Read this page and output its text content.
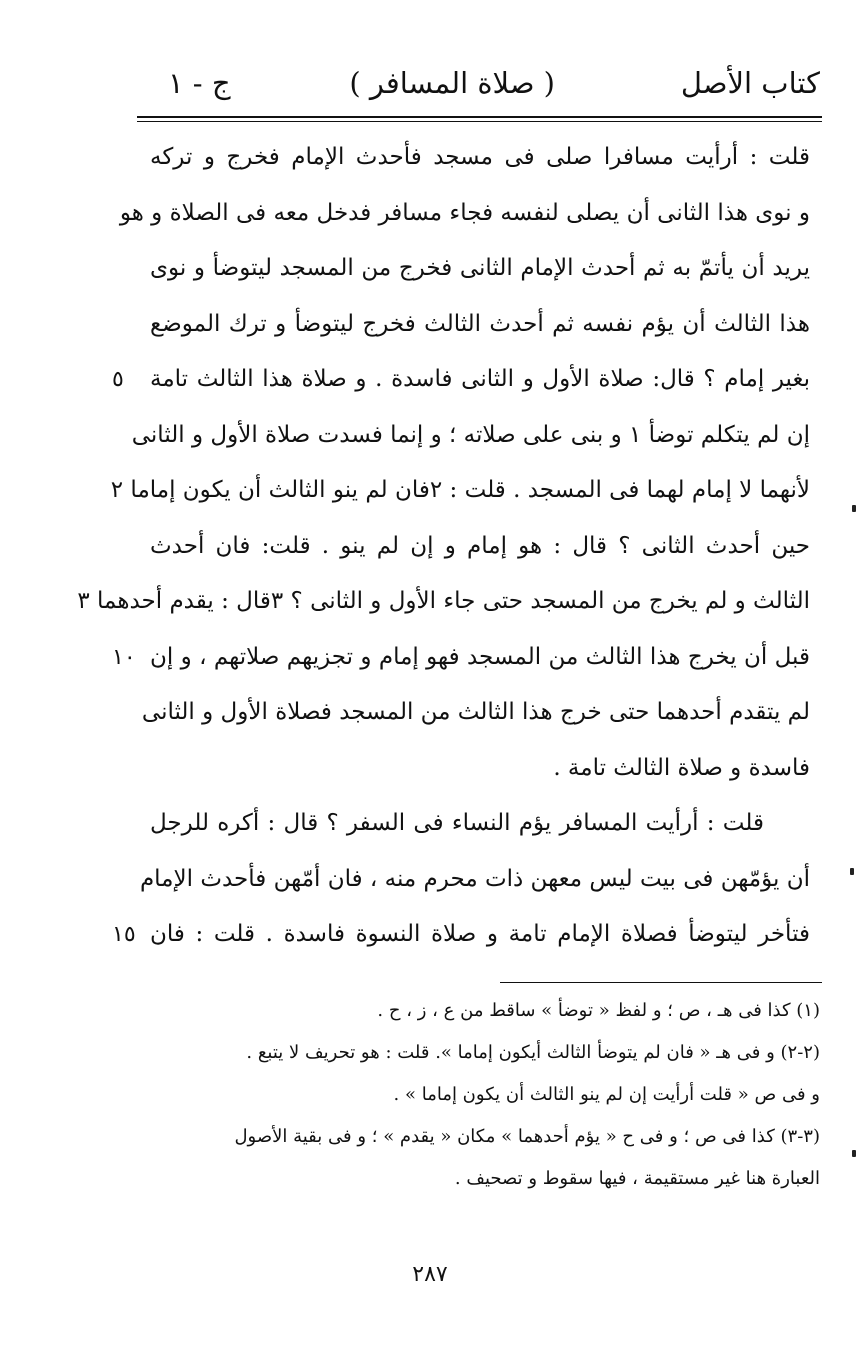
كتاب الأصل
( صلاة المسافر )
ج - ١
قلت : أرأيت مسافرا صلى فى مسجد فأحدث الإمام فخرج و تركه
و نوى هذا الثانى أن يصلى لنفسه فجاء مسافر فدخل معه فى الصلاة و هو
يريد أن يأتمّ به ثم أحدث الإمام الثانى فخرج من المسجد ليتوضأ و نوى
هذا الثالث أن يؤم نفسه ثم أحدث الثالث فخرج ليتوضأ و ترك الموضع
بغير إمام ؟ قال: صلاة الأول و الثانى فاسدة . و صلاة هذا الثالث تامة
إن لم يتكلم توضأ ١ و بنى على صلاته ؛ و إنما فسدت صلاة الأول و الثانى
لأنهما لا إمام لهما فى المسجد . قلت : ٢فان لم ينو الثالث أن يكون إماما ٢
حين أحدث الثانى ؟ قال : هو إمام و إن لم ينو . قلت: فان أحدث
الثالث و لم يخرج من المسجد حتى جاء الأول و الثانى ؟ ٣قال : يقدم أحدهما ٣
قبل أن يخرج هذا الثالث من المسجد فهو إمام و تجزيهم صلاتهم ، و إن
لم يتقدم أحدهما حتى خرج هذا الثالث من المسجد فصلاة الأول و الثانى
فاسدة و صلاة الثالث تامة .
قلت : أرأيت المسافر يؤم النساء فى السفر ؟ قال : أكره للرجل
أن يؤمّهن فى بيت ليس معهن ذات محرم منه ، فان أمّهن فأحدث الإمام
فتأخر ليتوضأ فصلاة الإمام تامة و صلاة النسوة فاسدة . قلت : فان
٥
١٠
١٥
(١) كذا فى هـ ، ص ؛ و لفظ « توضأ » ساقط من ع ، ز ، ح .
(٢-٢) و فى هـ « فان لم يتوضأ الثالث أيكون إماما ». قلت : هو تحريف لا يتبع .
و فى ص « قلت أرأيت إن لم ينو الثالث أن يكون إماما » .
(٣-٣) كذا فى ص ؛ و فى ح « يؤم أحدهما » مكان « يقدم » ؛ و فى بقية الأصول
العبارة هنا غير مستقيمة ، فيها سقوط و تصحيف .
٢٨٧
